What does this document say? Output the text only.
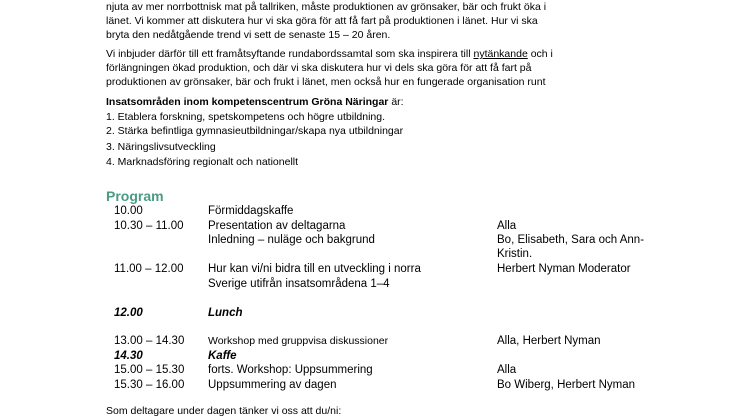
njuta av mer norrbottnisk mat på tallriken, måste produktionen av grönsaker, bär och frukt öka i
länet. Vi kommer att diskutera hur vi ska göra för att få fart på produktionen i länet. Hur vi ska
bryta den nedåtgående trend vi sett de senaste 15 – 20 åren.
Vi inbjuder därför till ett framåtsyftande rundabordssamtal som ska inspirera till nytänkande och i
förlängningen ökad produktion, och där vi ska diskutera hur vi dels ska göra för att få fart på
produktionen av grönsaker, bär och frukt i länet, men också hur en fungerade organisation runt
Insatsområden inom kompetenscentrum Gröna Näringar är:
1. Etablera forskning, spetskompetens och högre utbildning.
2. Stärka befintliga gymnasieutbildningar/skapa nya utbildningar
3. Näringslivsutveckling
4. Marknadsföring regionalt och nationellt
Program
10.00	Förmiddagskaffe
10.30 – 11.00 Presentation av deltagarna	Alla
Inledning – nuläge och bakgrund	Bo, Elisabeth, Sara och Ann-
Kristin.
11.00 – 12.00 Hur kan vi/ni bidra till en utveckling i norra	Herbert Nyman Moderator
Sverige utifrån insatsområdena 1–4
12.00	Lunch
13.00 – 14.30 Workshop med gruppvisa diskussioner	Alla, Herbert Nyman
14.30	Kaffe
15.00 – 15.30 forts. Workshop: Uppsummering	Alla
15.30 – 16.00 Uppsummering av dagen	Bo Wiberg, Herbert Nyman
Som deltagare under dagen tänker vi oss att du/ni:
